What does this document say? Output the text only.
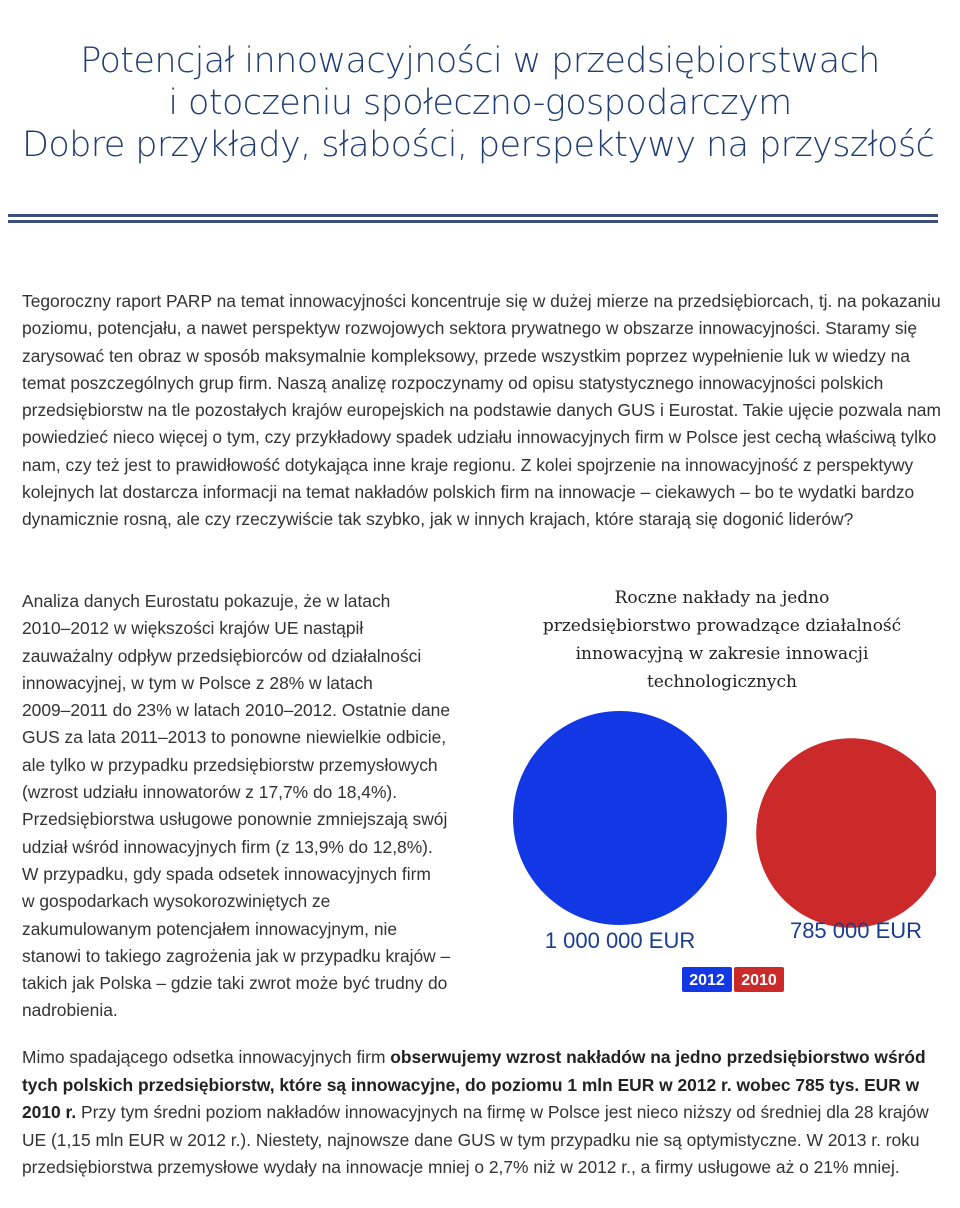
Potencjał innowacyjności w przedsiębiorstwach
i otoczeniu społeczno-gospodarczym
Dobre przykłady, słabości, perspektywy na przyszłość
Tegoroczny raport PARP na temat innowacyjności koncentruje się w dużej mierze na przedsiębiorcach, tj. na pokazaniu poziomu, potencjału, a nawet perspektyw rozwojowych sektora prywatnego w obszarze innowacyjności. Staramy się zarysować ten obraz w sposób maksymalnie kompleksowy, przede wszystkim poprzez wypełnienie luk w wiedzy na temat poszczególnych grup firm. Naszą analizę rozpoczynamy od opisu statystycznego innowacyjności polskich przedsiębiorstw na tle pozostałych krajów europejskich na podstawie danych GUS i Eurostat. Takie ujęcie pozwala nam powiedzieć nieco więcej o tym, czy przykładowy spadek udziału innowacyjnych firm w Polsce jest cechą właściwą tylko nam, czy też jest to prawidłowość dotykająca inne kraje regionu. Z kolei spojrzenie na innowacyjność z perspektywy kolejnych lat dostarcza informacji na temat nakładów polskich firm na innowacje – ciekawych – bo te wydatki bardzo dynamicznie rosną, ale czy rzeczywiście tak szybko, jak w innych krajach, które starają się dogonić liderów?
Analiza danych Eurostatu pokazuje, że w latach
2010–2012 w większości krajów UE nastąpił
zauważalny odpływ przedsiębiorców od działalności
innowacyjnej, w tym w Polsce z 28% w latach
2009–2011 do 23% w latach 2010–2012. Ostatnie dane
GUS za lata 2011–2013 to ponowne niewielkie odbicie,
ale tylko w przypadku przedsiębiorstw przemysłowych
(wzrost udziału innowatorów z 17,7% do 18,4%).
Przedsiębiorstwa usługowe ponownie zmniejszają swój
udział wśród innowacyjnych firm (z 13,9% do 12,8%).
W przypadku, gdy spada odsetek innowacyjnych firm
w gospodarkach wysokorozwiniętych ze
zakumulowanym potencjałem innowacyjnym, nie
stanowi to takiego zagrożenia jak w przypadku krajów –
takich jak Polska – gdzie taki zwrot może być trudny do
nadrobienia.
Roczne nakłady na jedno
przedsiębiorstwo prowadzące działalność
innowacyjną w zakresie innowacji
technologicznych
1 000 000 EUR	785 000 EUR
2012 2010
Mimo spadającego odsetka innowacyjnych firm obserwujemy wzrost nakładów na jedno przedsiębiorstwo wśród tych polskich przedsiębiorstw, które są innowacyjne, do poziomu 1 mln EUR w 2012 r. wobec 785 tys. EUR w 2010 r. Przy tym średni poziom nakładów innowacyjnych na firmę w Polsce jest nieco niższy od średniej dla 28 krajów UE (1,15 mln EUR w 2012 r.). Niestety, najnowsze dane GUS w tym przypadku nie są optymistyczne. W 2013 r. roku przedsiębiorstwa przemysłowe wydały na innowacje mniej o 2,7% niż w 2012 r., a firmy usługowe aż o 21% mniej.
